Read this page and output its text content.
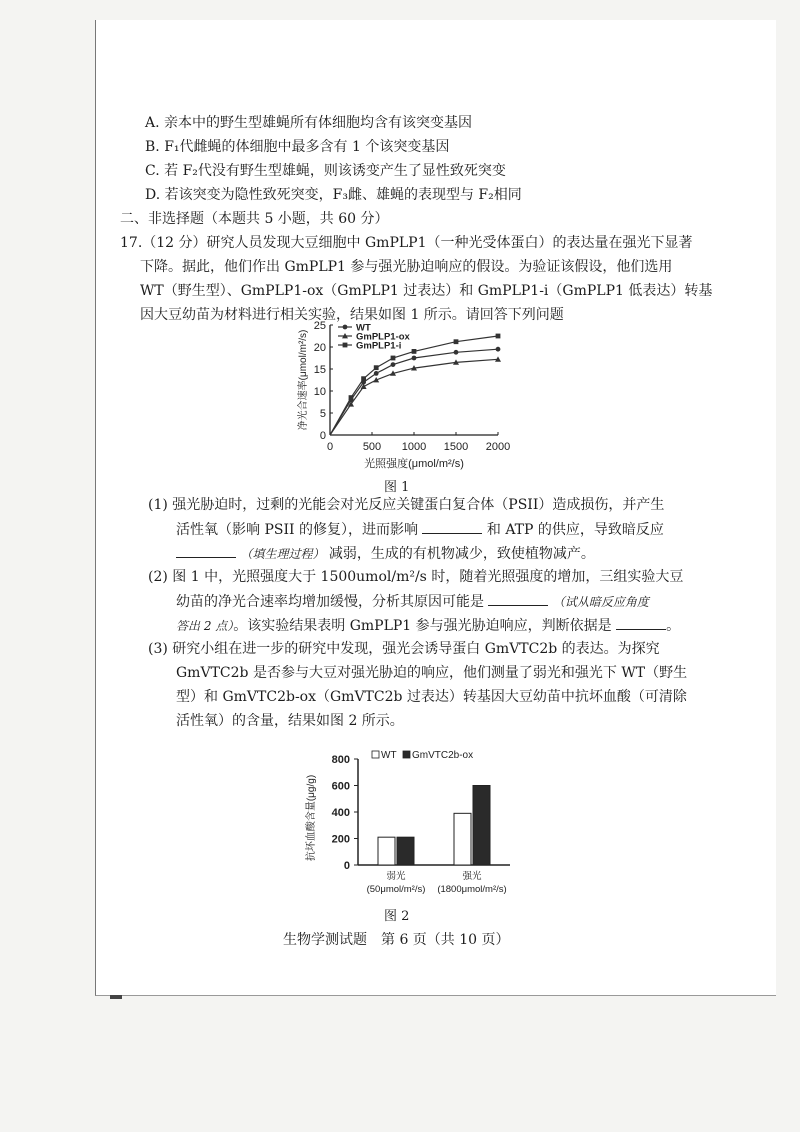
A. 亲本中的野生型雄蝇所有体细胞均含有该突变基因
B. F₁代雌蝇的体细胞中最多含有 1 个该突变基因
C. 若 F₂代没有野生型雄蝇，则该诱变产生了显性致死突变
D. 若该突变为隐性致死突变，F₃雌、雄蝇的表现型与 F₂相同
二、非选择题（本题共 5 小题，共 60 分）
17.（12 分）研究人员发现大豆细胞中 GmPLP1（一种光受体蛋白）的表达量在强光下显著
下降。据此，他们作出 GmPLP1 参与强光胁迫响应的假设。为验证该假设，他们选用
WT（野生型）、GmPLP1-ox（GmPLP1 过表达）和 GmPLP1-i（GmPLP1 低表达）转基
因大豆幼苗为材料进行相关实验，结果如图 1 所示。请回答下列问题
0
5
10
15
20
25
0	500 1000 1500 2000
光照强度(μmol/m²/s)
净光合速率(μmol/m²/s)
WT
GmPLP1-ox
GmPLP1-i
图 1
(1) 强光胁迫时，过剩的光能会对光反应关键蛋白复合体（PSII）造成损伤，并产生
活性氧（影响 PSII 的修复），进而影响	和 ATP 的供应，导致暗反应
（填生理过程） 减弱，生成的有机物减少，致使植物减产。
(2) 图 1 中，光照强度大于 1500umol/m²/s 时，随着光照强度的增加，三组实验大豆
幼苗的净光合速率均增加缓慢，分析其原因可能是	（试从暗反应角度
答出 2 点）。该实验结果表明 GmPLP1 参与强光胁迫响应，判断依据是	。
(3) 研究小组在进一步的研究中发现，强光会诱导蛋白 GmVTC2b 的表达。为探究
GmVTC2b 是否参与大豆对强光胁迫的响应，他们测量了弱光和强光下 WT（野生
型）和 GmVTC2b-ox（GmVTC2b 过表达）转基因大豆幼苗中抗坏血酸（可清除
活性氧）的含量，结果如图 2 所示。
0
200
400
600
800
抗坏血酸含量(μg/g)
弱光
(50μmol/m²/s)
强光
(1800μmol/m²/s)
WT GmVTC2b-ox
图 2
生物学测试题　第 6 页（共 10 页）
